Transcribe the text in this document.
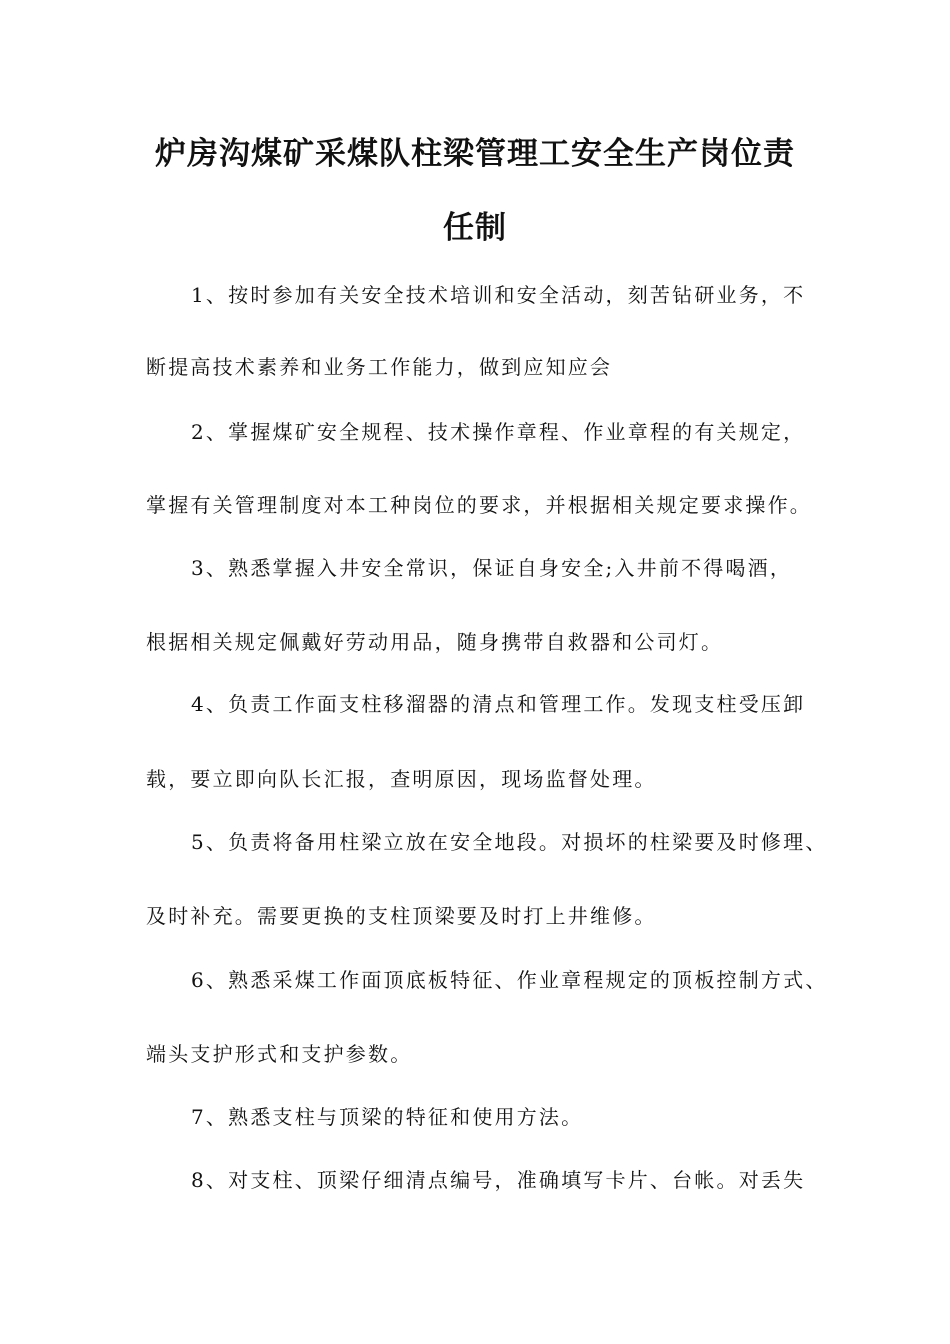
炉房沟煤矿采煤队柱梁管理工安全生产岗位责
任制
1、按时参加有关安全技术培训和安全活动，刻苦钻研业务，不
断提高技术素养和业务工作能力，做到应知应会
2、掌握煤矿安全规程、技术操作章程、作业章程的有关规定，
掌握有关管理制度对本工种岗位的要求，并根据相关规定要求操作。
3、熟悉掌握入井安全常识，保证自身安全;入井前不得喝酒，
根据相关规定佩戴好劳动用品，随身携带自救器和公司灯。
4、负责工作面支柱移溜器的清点和管理工作。发现支柱受压卸
载，要立即向队长汇报，查明原因，现场监督处理。
5、负责将备用柱梁立放在安全地段。对损坏的柱梁要及时修理、
及时补充。需要更换的支柱顶梁要及时打上井维修。
6、熟悉采煤工作面顶底板特征、作业章程规定的顶板控制方式、
端头支护形式和支护参数。
7、熟悉支柱与顶梁的特征和使用方法。
8、对支柱、顶梁仔细清点编号，准确填写卡片、台帐。对丢失
